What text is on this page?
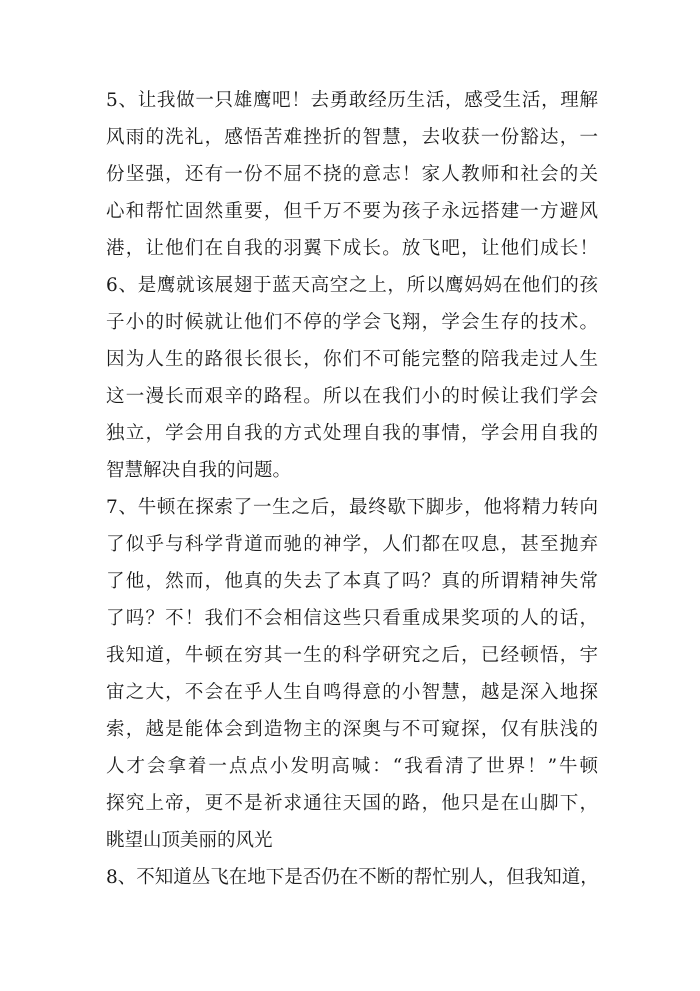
5、让我做一只雄鹰吧！去勇敢经历生活，感受生活，理解
风雨的洗礼，感悟苦难挫折的智慧，去收获一份豁达，一
份坚强，还有一份不屈不挠的意志！家人教师和社会的关
心和帮忙固然重要，但千万不要为孩子永远搭建一方避风
港，让他们在自我的羽翼下成长。放飞吧，让他们成长！
6、是鹰就该展翅于蓝天高空之上，所以鹰妈妈在他们的孩
子小的时候就让他们不停的学会飞翔，学会生存的技术。
因为人生的路很长很长，你们不可能完整的陪我走过人生
这一漫长而艰辛的路程。所以在我们小的时候让我们学会
独立，学会用自我的方式处理自我的事情，学会用自我的
智慧解决自我的问题。
7、牛顿在探索了一生之后，最终歇下脚步，他将精力转向
了似乎与科学背道而驰的神学，人们都在叹息，甚至抛弃
了他，然而，他真的失去了本真了吗？真的所谓精神失常
了吗？不！我们不会相信这些只看重成果奖项的人的话，
我知道，牛顿在穷其一生的科学研究之后，已经顿悟，宇
宙之大，不会在乎人生自鸣得意的小智慧，越是深入地探
索，越是能体会到造物主的深奥与不可窥探，仅有肤浅的
人才会拿着一点点小发明高喊：“我看清了世界！”牛顿
探究上帝，更不是祈求通往天国的路，他只是在山脚下，
眺望山顶美丽的风光
8、不知道丛飞在地下是否仍在不断的帮忙别人，但我知道，
